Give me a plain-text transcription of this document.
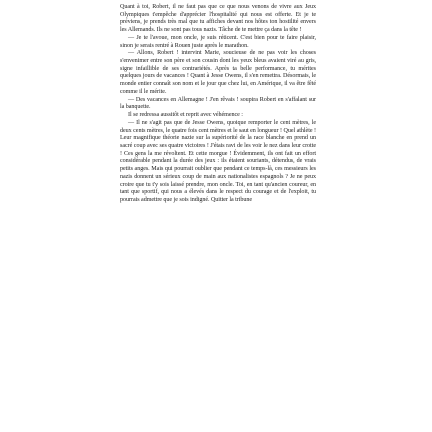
Quant à toi, Robert, il ne faut pas que ce que nous venons de vivre aux Jeux Olympiques t'empêche d'apprécier l'hospitalité qui nous est offerte. Et je te préviens, je prends très mal que tu affiches devant nos hôtes ton hostilité envers les Allemands. Ils ne sont pas tous nazis. Tâche de te mettre ça dans la tête !

— Je te l'avoue, mon oncle, je suis réticent. C'est bien pour te faire plaisir, sinon je serais rentré à Rouen juste après le marathon.

— Allons, Robert ! intervint Marie, soucieuse de ne pas voir les choses s'envenimer entre son père et son cousin dont les yeux bleus avaient viré au gris, signe infaillible de ses contrariétés. Après ta belle performance, tu mérites quelques jours de vacances ! Quant à Jesse Owens, il s'en remettra. Désormais, le monde entier connaît son nom et le jour que chez lui, en Amérique, il va être fêté comme il le mérite.

— Des vacances en Allemagne ! J'en rêvais ! soupira Robert en s'affalant sur la banquette.

Il se redressa aussitôt et reprit avec véhémence :

— Il ne s'agit pas que de Jesse Owens, quoique remporter le cent mètres, le deux cents mètres, le quatre fois cent mètres et le saut en longueur ! Quel athlète ! Leur magnifique théorie nazie sur la supériorité de la race blanche en prend un sacré coup avec ses quatre victoires ! J'étais ravi de les voir le nez dans leur crotte ! Ces gens la me révoltent. Et cette morgue ! Évidemment, ils ont fait un effort considérable pendant la durée des jeux : ils étaient souriants, détendus, de vrais petits anges. Mais qui pourrait oublier que pendant ce temps-là, ces messieurs les nazis donnent un sérieux coup de main aux nationalistes espagnols ? Je ne peux croire que tu t'y sois laissé prendre, mon oncle. Toi, en tant qu'ancien coureur, en tant que sportif, qui nous a élevés dans le respect du courage et de l'exploit, tu pourrais admettre que je sois indigné. Quitter la tribune
